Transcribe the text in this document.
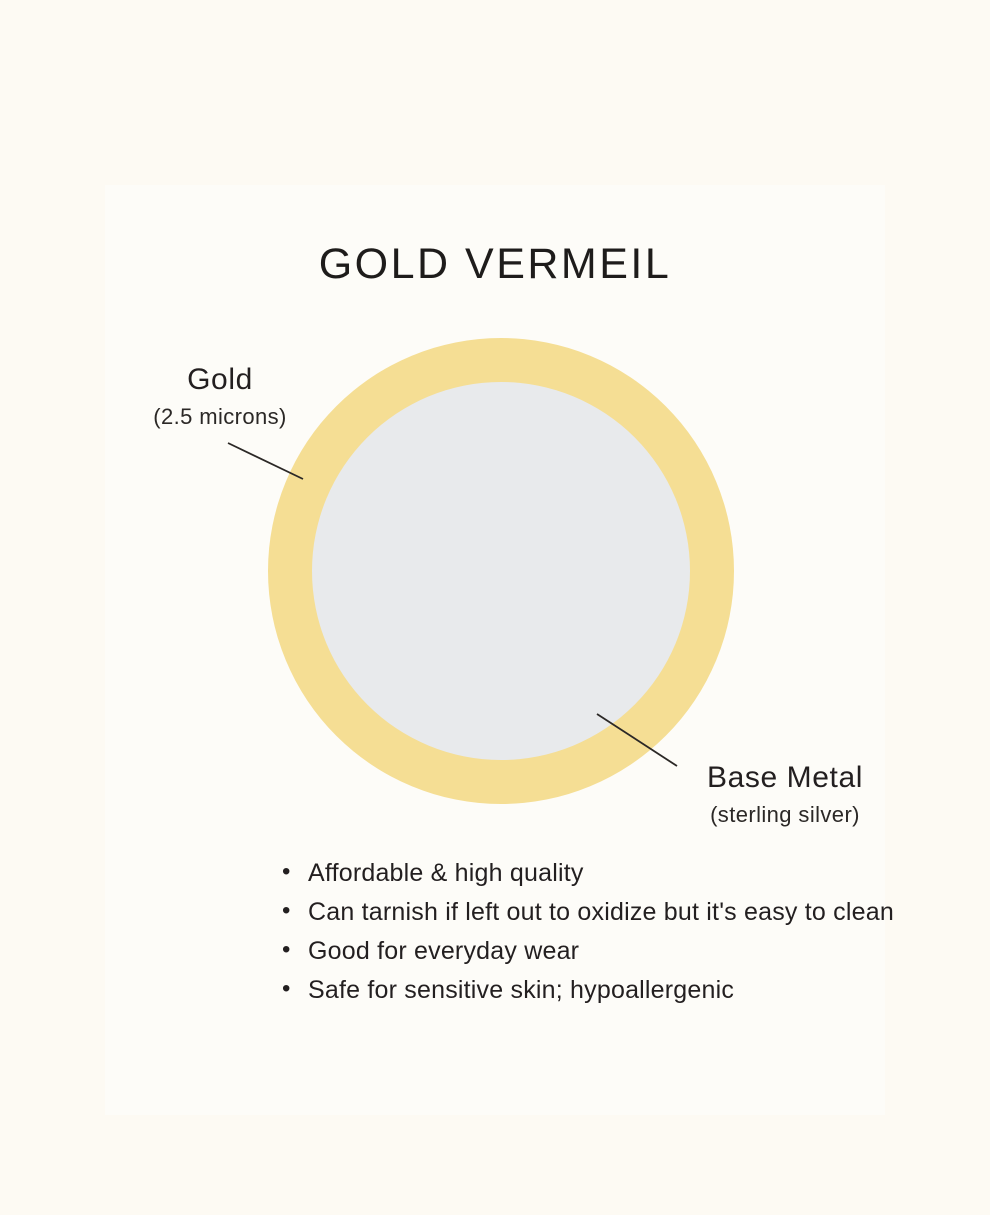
GOLD VERMEIL
Gold
(2.5 microns)
Base Metal
(sterling silver)
• Affordable & high quality
• Can tarnish if left out to oxidize but it's easy to clean
• Good for everyday wear
• Safe for sensitive skin; hypoallergenic
